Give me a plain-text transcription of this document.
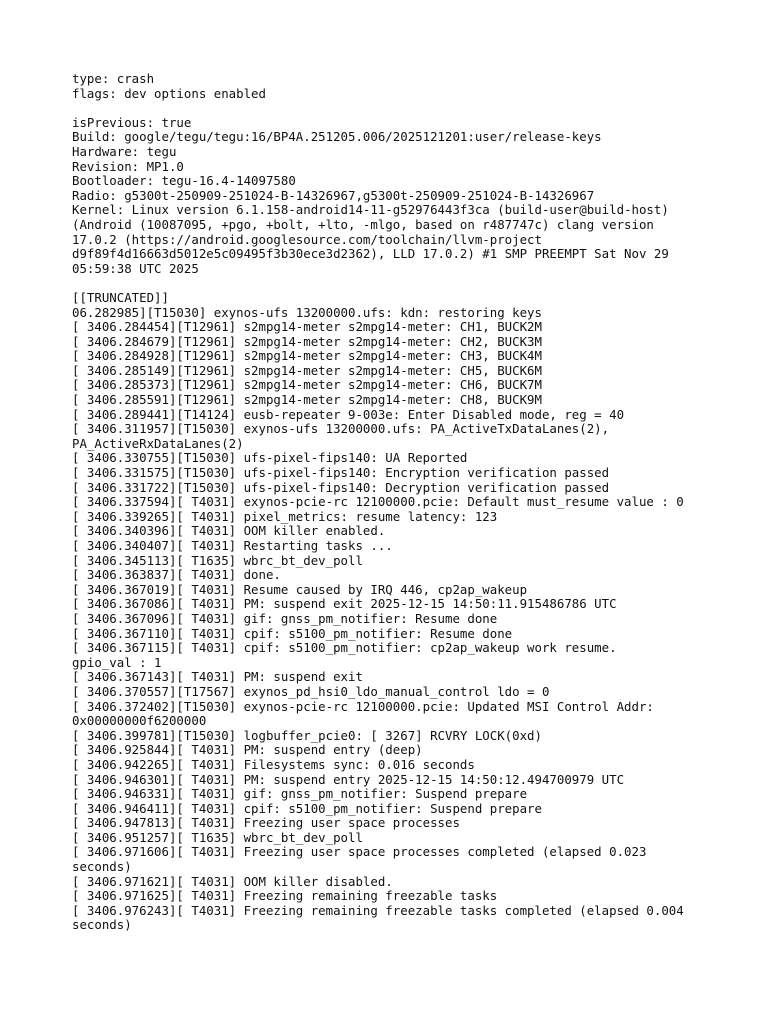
type: crash
flags: dev options enabled
isPrevious: true
Build: google/tegu/tegu:16/BP4A.251205.006/2025121201:user/release-keys
Hardware: tegu
Revision: MP1.0
Bootloader: tegu-16.4-14097580
Radio: g5300t-250909-251024-B-14326967,g5300t-250909-251024-B-14326967
Kernel: Linux version 6.1.158-android14-11-g52976443f3ca (build-user@build-host)
(Android (10087095, +pgo, +bolt, +lto, -mlgo, based on r487747c) clang version
17.0.2 (https://android.googlesource.com/toolchain/llvm-project
d9f89f4d16663d5012e5c09495f3b30ece3d2362), LLD 17.0.2) #1 SMP PREEMPT Sat Nov 29
05:59:38 UTC 2025
[[TRUNCATED]]
06.282985][T15030] exynos-ufs 13200000.ufs: kdn: restoring keys
[ 3406.284454][T12961] s2mpg14-meter s2mpg14-meter: CH1, BUCK2M
[ 3406.284679][T12961] s2mpg14-meter s2mpg14-meter: CH2, BUCK3M
[ 3406.284928][T12961] s2mpg14-meter s2mpg14-meter: CH3, BUCK4M
[ 3406.285149][T12961] s2mpg14-meter s2mpg14-meter: CH5, BUCK6M
[ 3406.285373][T12961] s2mpg14-meter s2mpg14-meter: CH6, BUCK7M
[ 3406.285591][T12961] s2mpg14-meter s2mpg14-meter: CH8, BUCK9M
[ 3406.289441][T14124] eusb-repeater 9-003e: Enter Disabled mode, reg = 40
[ 3406.311957][T15030] exynos-ufs 13200000.ufs: PA_ActiveTxDataLanes(2),
PA_ActiveRxDataLanes(2)
[ 3406.330755][T15030] ufs-pixel-fips140: UA Reported
[ 3406.331575][T15030] ufs-pixel-fips140: Encryption verification passed
[ 3406.331722][T15030] ufs-pixel-fips140: Decryption verification passed
[ 3406.337594][ T4031] exynos-pcie-rc 12100000.pcie: Default must_resume value : 0
[ 3406.339265][ T4031] pixel_metrics: resume latency: 123
[ 3406.340396][ T4031] OOM killer enabled.
[ 3406.340407][ T4031] Restarting tasks ...
[ 3406.345113][ T1635] wbrc_bt_dev_poll
[ 3406.363837][ T4031] done.
[ 3406.367019][ T4031] Resume caused by IRQ 446, cp2ap_wakeup
[ 3406.367086][ T4031] PM: suspend exit 2025-12-15 14:50:11.915486786 UTC
[ 3406.367096][ T4031] gif: gnss_pm_notifier: Resume done
[ 3406.367110][ T4031] cpif: s5100_pm_notifier: Resume done
[ 3406.367115][ T4031] cpif: s5100_pm_notifier: cp2ap_wakeup work resume.
gpio_val : 1
[ 3406.367143][ T4031] PM: suspend exit
[ 3406.370557][T17567] exynos_pd_hsi0_ldo_manual_control ldo = 0
[ 3406.372402][T15030] exynos-pcie-rc 12100000.pcie: Updated MSI Control Addr:
0x00000000f6200000
[ 3406.399781][T15030] logbuffer_pcie0: [ 3267] RCVRY LOCK(0xd)
[ 3406.925844][ T4031] PM: suspend entry (deep)
[ 3406.942265][ T4031] Filesystems sync: 0.016 seconds
[ 3406.946301][ T4031] PM: suspend entry 2025-12-15 14:50:12.494700979 UTC
[ 3406.946331][ T4031] gif: gnss_pm_notifier: Suspend prepare
[ 3406.946411][ T4031] cpif: s5100_pm_notifier: Suspend prepare
[ 3406.947813][ T4031] Freezing user space processes
[ 3406.951257][ T1635] wbrc_bt_dev_poll
[ 3406.971606][ T4031] Freezing user space processes completed (elapsed 0.023
seconds)
[ 3406.971621][ T4031] OOM killer disabled.
[ 3406.971625][ T4031] Freezing remaining freezable tasks
[ 3406.976243][ T4031] Freezing remaining freezable tasks completed (elapsed 0.004
seconds)
